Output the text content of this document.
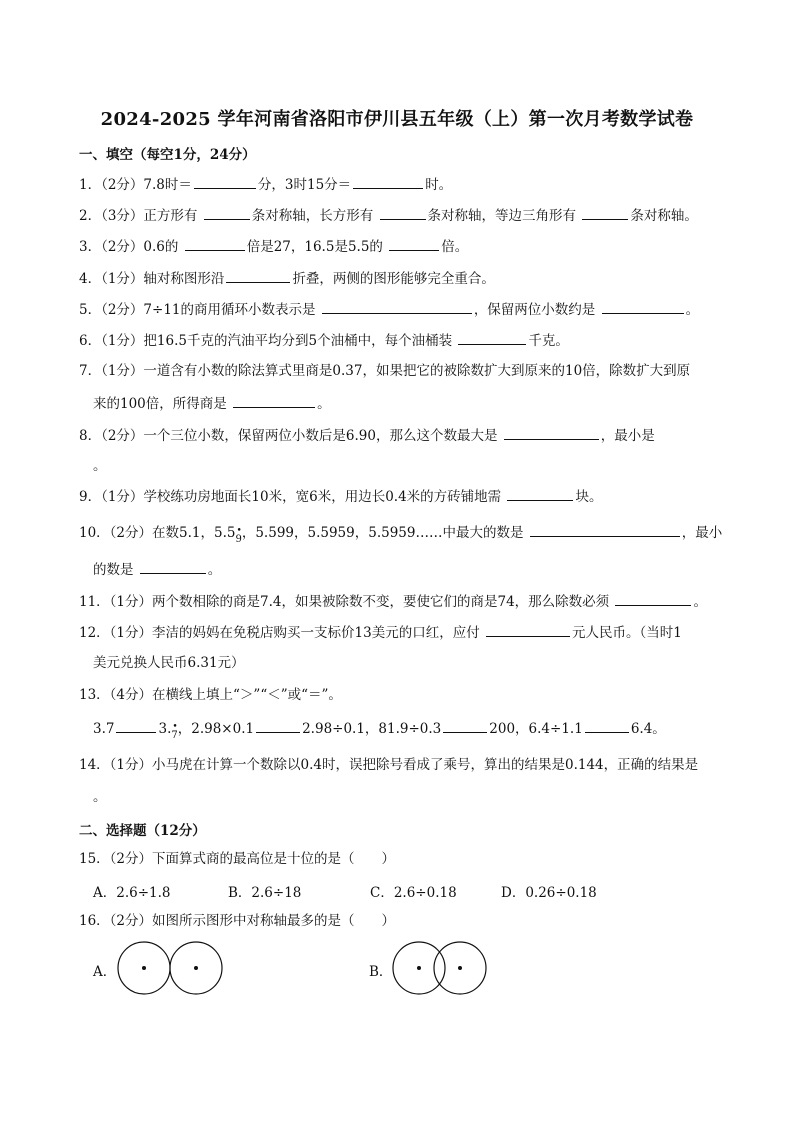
2024-2025 学年河南省洛阳市伊川县五年级（上）第一次月考数学试卷
一、填空（每空1分，24分）
1．（2分）7.8时＝	分，3时15分＝	时。
2．（3分）正方形有	条对称轴，长方形有	条对称轴，等边三角形有	条对称轴。
3．（2分）0.6的	倍是27，16.5是5.5的	倍。
4．（1分）轴对称图形沿	折叠，两侧的图形能够完全重合。
5．（2分）7÷11的商用循环小数表示是	，保留两位小数约是	。
6．（1分）把16.5千克的汽油平均分到5个油桶中，每个油桶装	千克。
7．（1分）一道含有小数的除法算式里商是0.37，如果把它的被除数扩大到原来的10倍，除数扩大到原
来的100倍，所得商是	。
8．（2分）一个三位小数，保留两位小数后是6.90，那么这个数最大是	，最小是
。
9．（1分）学校练功房地面长10米，宽6米，用边长0.4米的方砖铺地需	块。
10．（2分）在数5.1，5.5• 9，5.599，5.5959，5.5959……中最大的数是	，最小
的数是	。
11．（1分）两个数相除的商是7.4，如果被除数不变，要使它们的商是74，那么除数必须	。
12．（1分）李洁的妈妈在免税店购买一支标价13美元的口红，应付	元人民币。（当时1
美元兑换人民币6.31元）
13．（4分）在横线上填上“＞”“＜”或“＝”。
3.7	3.• 7，2.98×0.1	2.98÷0.1，81.9÷0.3	200，6.4÷1.1	6.4。
14．（1分）小马虎在计算一个数除以0.4时，误把除号看成了乘号，算出的结果是0.144，正确的结果是
。
二、选择题（12分）
15．（2分）下面算式商的最高位是十位的是（　　）
A．2.6÷1.8	B．2.6÷18	C．2.6÷0.18	D．0.26÷0.18
16．（2分）如图所示图形中对称轴最多的是（　　）
A．	B．
